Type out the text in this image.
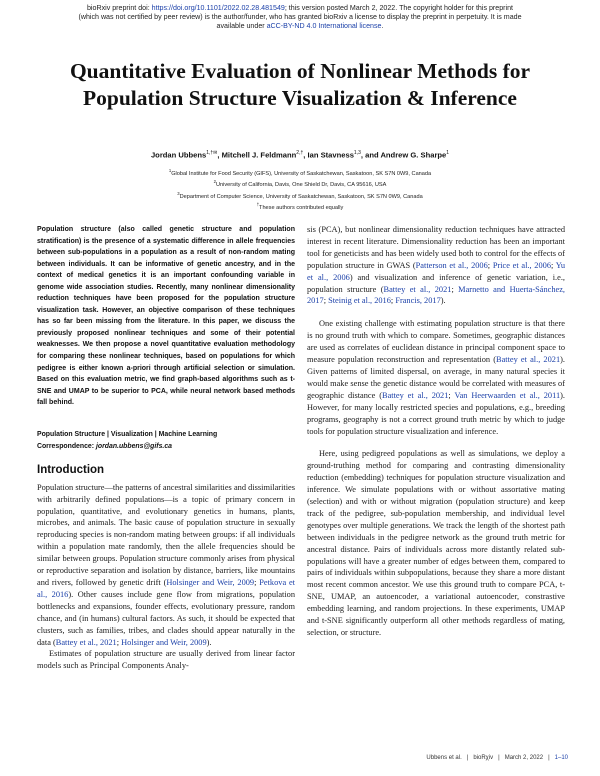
bioRxiv preprint doi: https://doi.org/10.1101/2022.02.28.481549; this version posted March 2, 2022. The copyright holder for this preprint
(which was not certified by peer review) is the author/funder, who has granted bioRxiv a license to display the preprint in perpetuity. It is made
available under aCC-BY-ND 4.0 International license.
Quantitative Evaluation of Nonlinear Methods for Population Structure Visualization & Inference
Jordan Ubbens$^{1,\dagger✉}$, Mitchell J. Feldmann$^{2,\dagger}$, Ian Stavness$^{1,3}$, and Andrew G. Sharpe$^1$
$^1$Global Institute for Food Security (GIFS), University of Saskatchewan, Saskatoon, SK S7N 0W9, Canada
$^2$University of California, Davis, One Shield Dr, Davis, CA 95616, USA
$^3$Department of Computer Science, University of Saskatchewan, Saskatoon, SK S7N 0W9, Canada
†These authors contributed equally

Population structure (also called genetic structure and population stratification) is the presence of a systematic difference in allele frequencies between sub-populations in a population as a result of non-random mating between individuals. It can be informative of genetic ancestry, and in the context of medical genetics it is an important confounding variable in genome wide association studies. Recently, many nonlinear dimensionality reduction techniques have been proposed for the population structure visualization task. However, an objective comparison of these techniques has so far been missing from the literature. In this paper, we discuss the previously proposed nonlinear techniques and some of their potential weaknesses. We then propose a novel quantitative evaluation methodology for comparing these nonlinear techniques, based on populations for which pedigree is either known a-priori through artificial selection or simulation. Based on this evaluation metric, we find graph-based algorithms such as t-SNE and UMAP to be superior to PCA, while neural network based methods fall behind.

Population Structure | Visualization | Machine Learning
Correspondence: jordan.ubbens@gifs.ca
Introduction

Population structure—the patterns of ancestral similarities and dissimilarities with arbitrarily defined populations—is a topic of primary concern in population, quantitative, and evolutionary genetics in humans, plants, microbes, and animals. The basic cause of population structure in sexually reproducing species is non-random mating between groups: if all individuals within a population mate randomly, then the allele frequencies should be similar between groups. Population structure commonly arises from physical or reproductive separation and isolation by distance, barriers, like mountains and rivers, followed by genetic drift (Holsinger and Weir, 2009; Petkova et al., 2016). Other causes include gene flow from migrations, population bottlenecks and expansions, founder effects, evolutionary pressure, random chance, and (in humans) cultural factors. As such, it should be expected that clusters, such as families, tribes, and clades should appear naturally in the data (Battey et al., 2021; Holsinger and Weir, 2009).

Estimates of population structure are usually derived from linear factor models such as Principal Components Analy-

sis (PCA), but nonlinear dimensionality reduction techniques have attracted interest in recent literature. Dimensionality reduction has been an important tool for geneticists and has been widely used both to control for the effects of population structure in GWAS (Patterson et al., 2006; Price et al., 2006; Yu et al., 2006) and visualization and inference of genetic variation, i.e., population structure (Battey et al., 2021; Marnetto and Huerta-Sánchez, 2017; Steinig et al., 2016; Francis, 2017).

One existing challenge with estimating population structure is that there is no ground truth with which to compare. Sometimes, geographic distances are used as correlates of euclidean distance in principal component space to measure population reconstruction and representation (Battey et al., 2021). Given patterns of limited dispersal, on average, in many natural species it would make sense the genetic distance would be correlated with measures of geographic distance (Battey et al., 2021; Van Heerwaarden et al., 2011). However, for many locally restricted species and populations, e.g., breeding programs, geography is not a correct ground truth metric by which to judge tools for population structure visualization and inference.

Here, using pedigreed populations as well as simulations, we deploy a ground-truthing method for comparing and contrasting dimensionality reduction (embedding) techniques for population structure visualization and inference. We simulate populations with or without assortative mating (selection) and with or without migration (population structure) and keep track of the pedigree, sub-population membership, and individual level genotypes over multiple generations. We track the length of the shortest path between individuals in the pedigree network as the ground truth metric for ancestral distance. Pairs of individuals across more distantly related sub-populations will have a greater number of edges between them, compared to pairs of individuals within subpopulations, because they share a more distant most recent common ancestor. We use this ground truth to compare PCA, t-SNE, UMAP, an autoencoder, a variational autoencoder, constrastive embedding learning, and random projections. In these experiments, UMAP and t-SNE significantly outperform all other methods regardless of mating, selection, or structure.

Ubbens et al. | bioRχiv | March 2, 2022 | 1–10
